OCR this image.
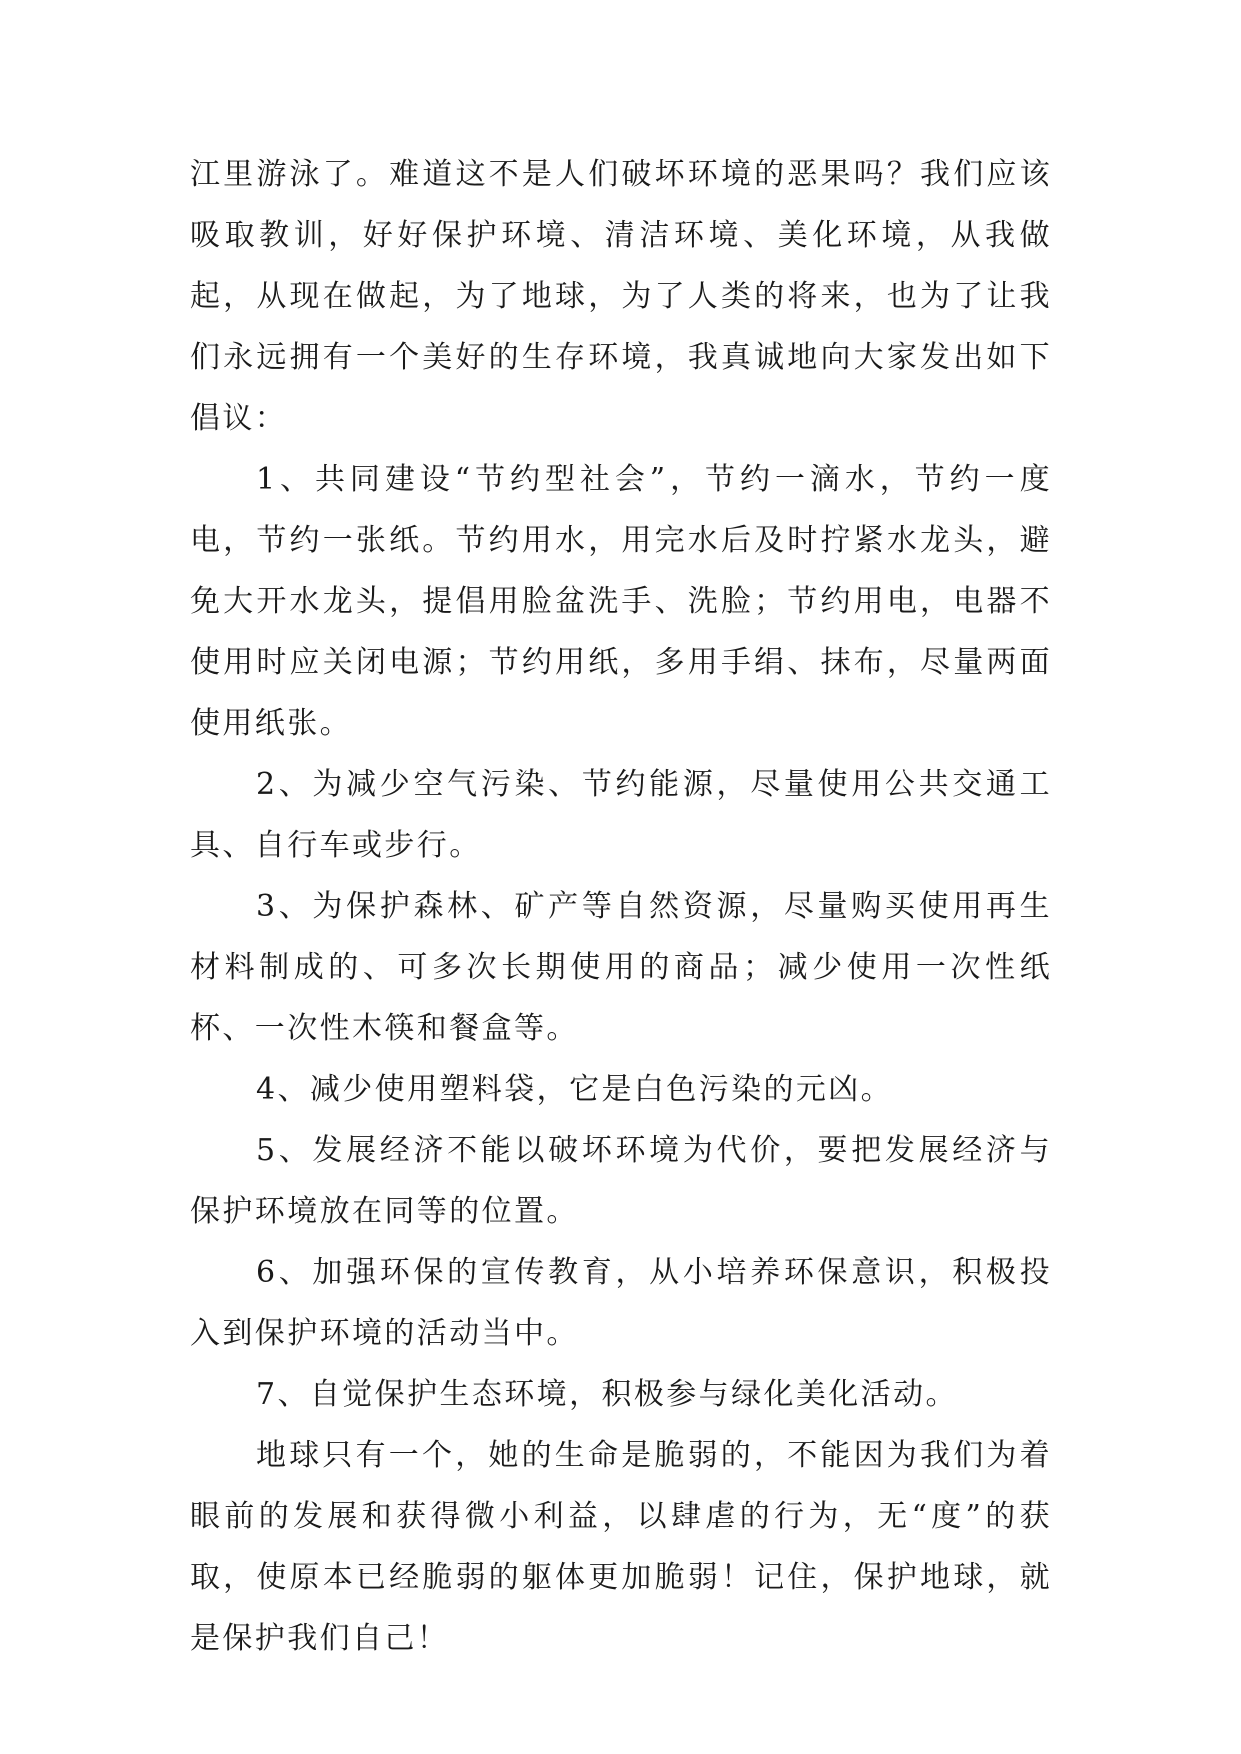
江里游泳了。难道这不是人们破坏环境的恶果吗？我们应该吸取教训，好好保护环境、清洁环境、美化环境，从我做起，从现在做起，为了地球，为了人类的将来，也为了让我们永远拥有一个美好的生存环境，我真诚地向大家发出如下倡议：

1、共同建设“节约型社会”，节约一滴水，节约一度电，节约一张纸。节约用水，用完水后及时拧紧水龙头，避免大开水龙头，提倡用脸盆洗手、洗脸；节约用电，电器不使用时应关闭电源；节约用纸，多用手绢、抹布，尽量两面使用纸张。

2、为减少空气污染、节约能源，尽量使用公共交通工具、自行车或步行。

3、为保护森林、矿产等自然资源，尽量购买使用再生材料制成的、可多次长期使用的商品；减少使用一次性纸杯、一次性木筷和餐盒等。

4、减少使用塑料袋，它是白色污染的元凶。

5、发展经济不能以破坏环境为代价，要把发展经济与保护环境放在同等的位置。

6、加强环保的宣传教育，从小培养环保意识，积极投入到保护环境的活动当中。

7、自觉保护生态环境，积极参与绿化美化活动。

地球只有一个，她的生命是脆弱的，不能因为我们为着眼前的发展和获得微小利益，以肆虐的行为，无“度”的获取，使原本已经脆弱的躯体更加脆弱！记住，保护地球，就是保护我们自己！
